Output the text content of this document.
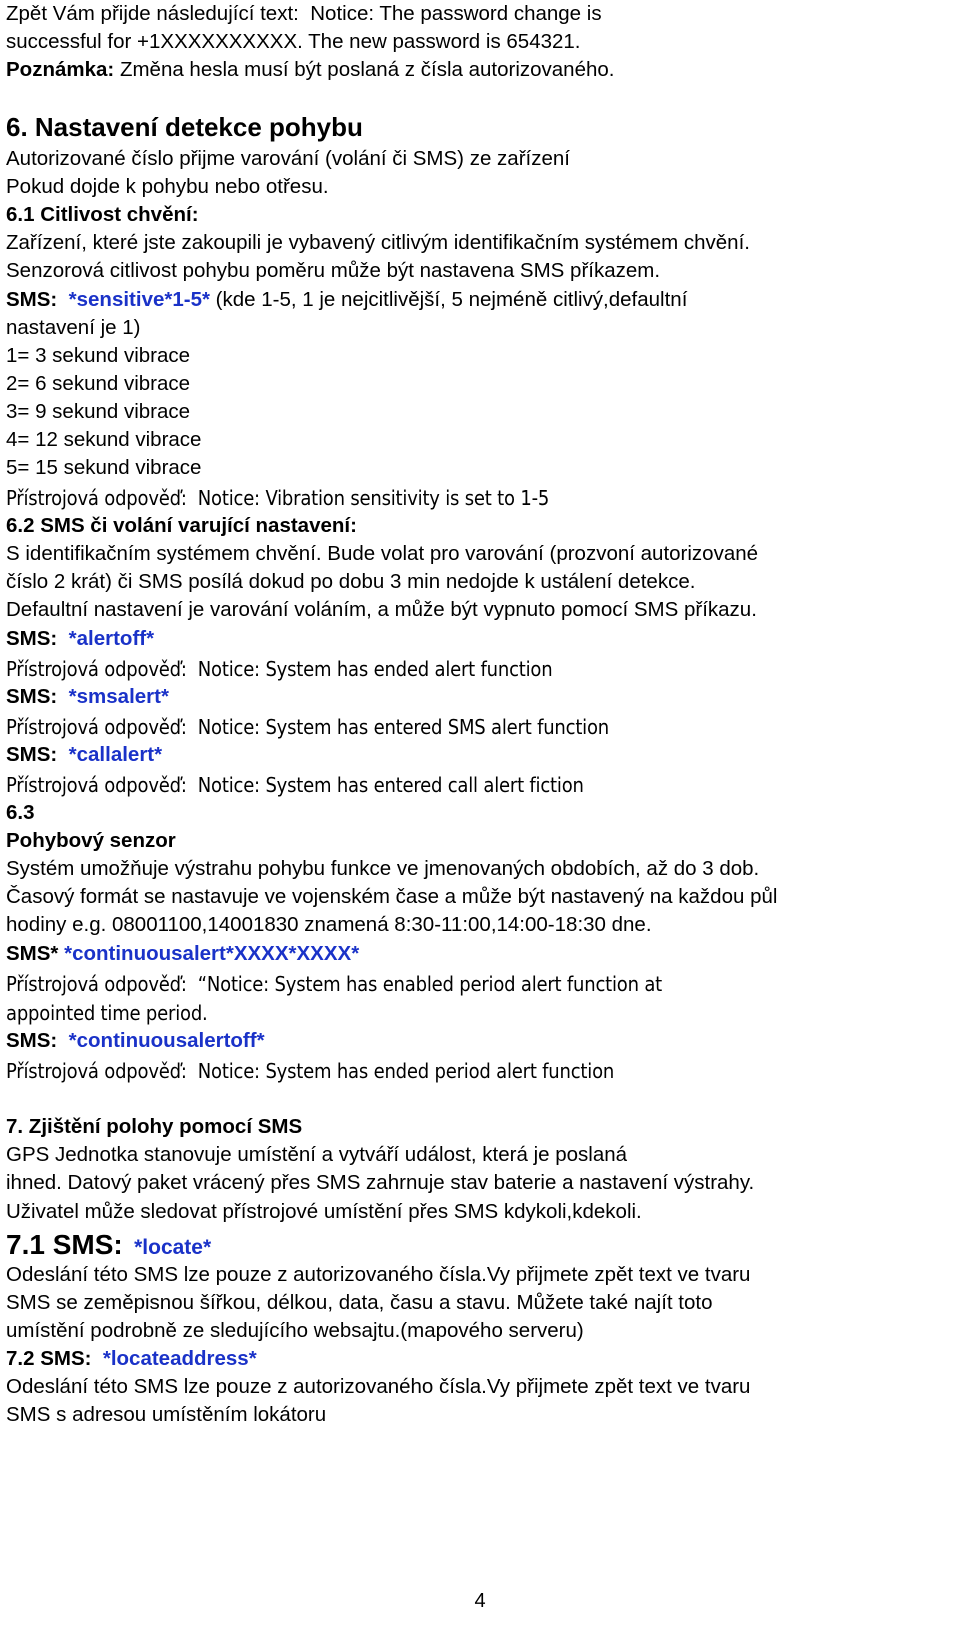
Zpět Vám přijde následující text: Notice: The password change is
successful for +1XXXXXXXXXX. The new password is 654321.
Poznámka: Změna hesla musí být poslaná z čísla autorizovaného.
6. Nastavení detekce pohybu
Autorizované číslo přijme varování (volání či SMS) ze zařízení
Pokud dojde k pohybu nebo otřesu.
6.1 Citlivost chvění:
Zařízení, které jste zakoupili je vybavený citlivým identifikačním systémem chvění.
Senzorová citlivost pohybu poměru může být nastavena SMS příkazem.
SMS: *sensitive*1-5* (kde 1-5, 1 je nejcitlivější, 5 nejméně citlivý,defaultní
nastavení je 1)
1= 3 sekund vibrace
2= 6 sekund vibrace
3= 9 sekund vibrace
4= 12 sekund vibrace
5= 15 sekund vibrace
Přístrojová odpověď: Notice: Vibration sensitivity is set to 1-5
6.2 SMS či volání varující nastavení:
S identifikačním systémem chvění. Bude volat pro varování (prozvoní autorizované
číslo 2 krát) či SMS posílá dokud po dobu 3 min nedojde k ustálení detekce.
Defaultní nastavení je varování voláním, a může být vypnuto pomocí SMS příkazu.
SMS: *alertoff*
Přístrojová odpověď: Notice: System has ended alert function
SMS: *smsalert*
Přístrojová odpověď: Notice: System has entered SMS alert function
SMS: *callalert*
Přístrojová odpověď: Notice: System has entered call alert fiction
6.3
Pohybový senzor
Systém umožňuje výstrahu pohybu funkce ve jmenovaných obdobích, až do 3 dob.
Časový formát se nastavuje ve vojenském čase a může být nastavený na každou půl
hodiny e.g. 08001100,14001830 znamená 8:30-11:00,14:00-18:30 dne.
SMS* *continuousalert*XXXX*XXXX*
Přístrojová odpověď: “Notice: System has enabled period alert function at
appointed time period.
SMS: *continuousalertoff*
Přístrojová odpověď: Notice: System has ended period alert function
7. Zjištění polohy pomocí SMS
GPS Jednotka stanovuje umístění a vytváří událost, která je poslaná
ihned. Datový paket vrácený přes SMS zahrnuje stav baterie a nastavení výstrahy.
Uživatel může sledovat přístrojové umístění přes SMS kdykoli,kdekoli.
7.1 SMS: *locate*
Odeslání této SMS lze pouze z autorizovaného čísla.Vy přijmete zpět text ve tvaru
SMS se zeměpisnou šířkou, délkou, data, času a stavu. Můžete také najít toto
umístění podrobně ze sledujícího websajtu.(mapového serveru)
7.2 SMS: *locateaddress*
Odeslání této SMS lze pouze z autorizovaného čísla.Vy přijmete zpět text ve tvaru
SMS s adresou umístěním lokátoru
4
